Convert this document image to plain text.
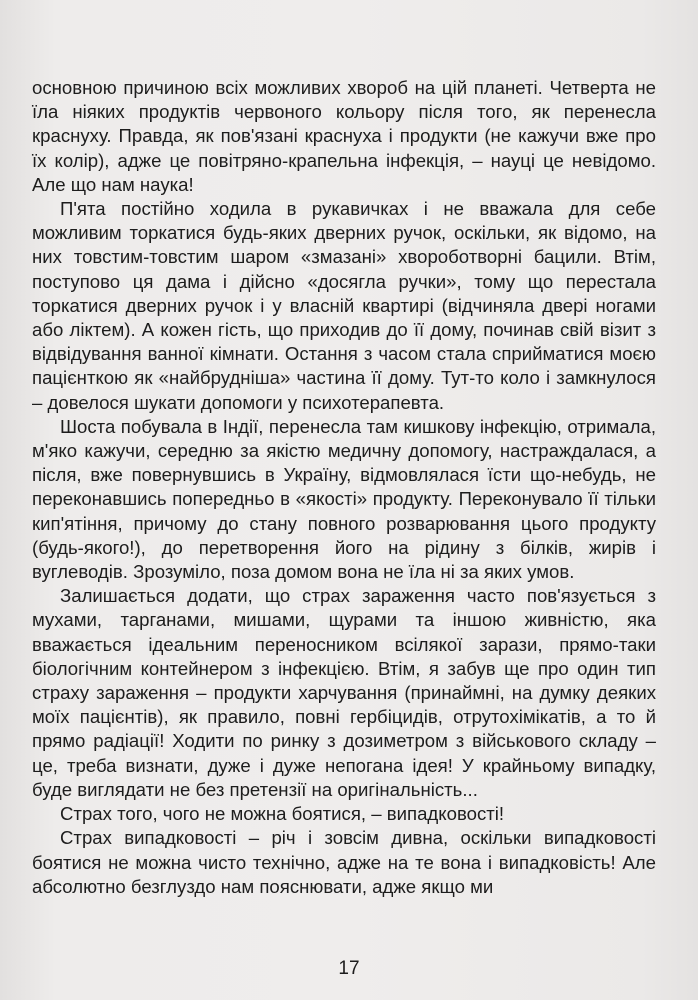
основною причиною всіх можливих хвороб на цій планеті. Четверта не їла ніяких продуктів червоного кольору після того, як перенесла краснуху. Правда, як пов'язані краснуха і продукти (не кажучи вже про їх колір), адже це повітряно-крапельна інфекція, – науці це невідомо. Але що нам наука!

П'ята постійно ходила в рукавичках і не вважала для себе можливим торкатися будь-яких дверних ручок, оскільки, як відомо, на них товстим-товстим шаром «змазані» хвороботворні бацили. Втім, поступово ця дама і дійсно «досягла ручки», тому що перестала торкатися дверних ручок і у власній квартирі (відчиняла двері ногами або ліктем). А кожен гість, що приходив до її дому, починав свій візит з відвідування ванної кімнати. Остання з часом стала сприйматися моєю пацієнткою як «найбрудніша» частина її дому. Тут-то коло і замкнулося – довелося шукати допомоги у психотерапевта.

Шоста побувала в Індії, перенесла там кишкову інфекцію, отримала, м'яко кажучи, середню за якістю медичну допомогу, настраждалася, а після, вже повернувшись в Україну, відмовлялася їсти що-небудь, не переконавшись попередньо в «якості» продукту. Переконувало її тільки кип'ятіння, причому до стану повного розварювання цього продукту (будь-якого!), до перетворення його на рідину з білків, жирів і вуглеводів. Зрозуміло, поза домом вона не їла ні за яких умов.

Залишається додати, що страх зараження часто пов'язується з мухами, тарганами, мишами, щурами та іншою живністю, яка вважається ідеальним переносником всілякої зарази, прямо-таки біологічним контейнером з інфекцією. Втім, я забув ще про один тип страху зараження – продукти харчування (принаймні, на думку деяких моїх пацієнтів), як правило, повні гербіцидів, отрутохімікатів, а то й прямо радіації! Ходити по ринку з дозиметром з військового складу – це, треба визнати, дуже і дуже непогана ідея! У крайньому випадку, буде виглядати не без претензії на оригінальність...

Страх того, чого не можна боятися, – випадковості!

Страх випадковості – річ і зовсім дивна, оскільки випадковості боятися не можна чисто технічно, адже на те вона і випадковість! Але абсолютно безглуздо нам пояснювати, адже якщо ми

17
